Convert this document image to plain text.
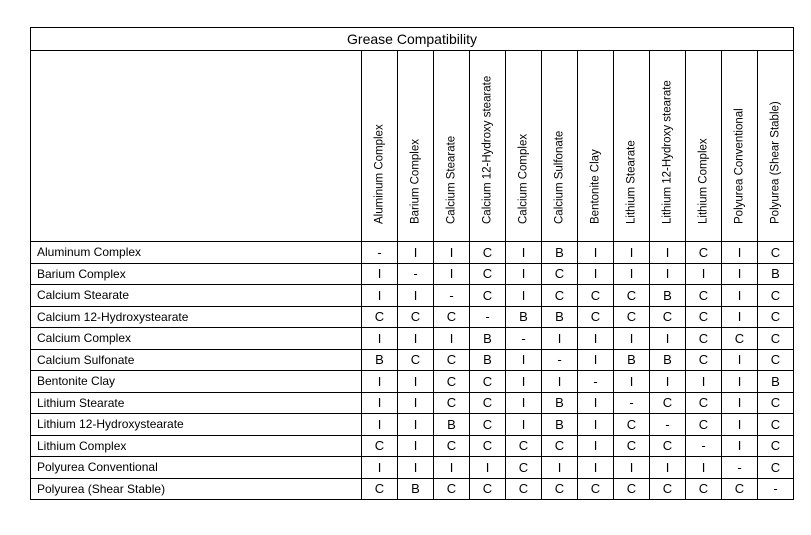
Grease Compatibility												

	Aluminum Complex	Barium Complex	Calcium Stearate	Calcium 12-Hydroxy stearate	Calcium Complex	Calcium Sulfonate	Bentonite Clay	Lithium Stearate	Lithium 12-Hydroxy stearate	Lithium Complex	Polyurea Conventional	Polyurea (Shear Stable)

Aluminum Complex	-	I	I	C	I	B	I	I	I	C	I	C
Barium Complex	I	-	I	C	I	C	I	I	I	I	I	B
Calcium Stearate	I	I	-	C	I	C	C	C	B	C	I	C
Calcium 12-Hydroxystearate	C	C	C	-	B	B	C	C	C	C	I	C
Calcium Complex	I	I	I	B	-	I	I	I	I	C	C	C
Calcium Sulfonate	B	C	C	B	I	-	I	B	B	C	I	C
Bentonite Clay	I	I	C	C	I	I	-	I	I	I	I	B
Lithium Stearate	I	I	C	C	I	B	I	-	C	C	I	C
Lithium 12-Hydroxystearate	I	I	B	C	I	B	I	C	-	C	I	C
Lithium Complex	C	I	C	C	C	C	I	C	C	-	I	C
Polyurea Conventional	I	I	I	I	C	I	I	I	I	I	-	C
Polyurea (Shear Stable)	C	B	C	C	C	C	C	C	C	C	C	-
